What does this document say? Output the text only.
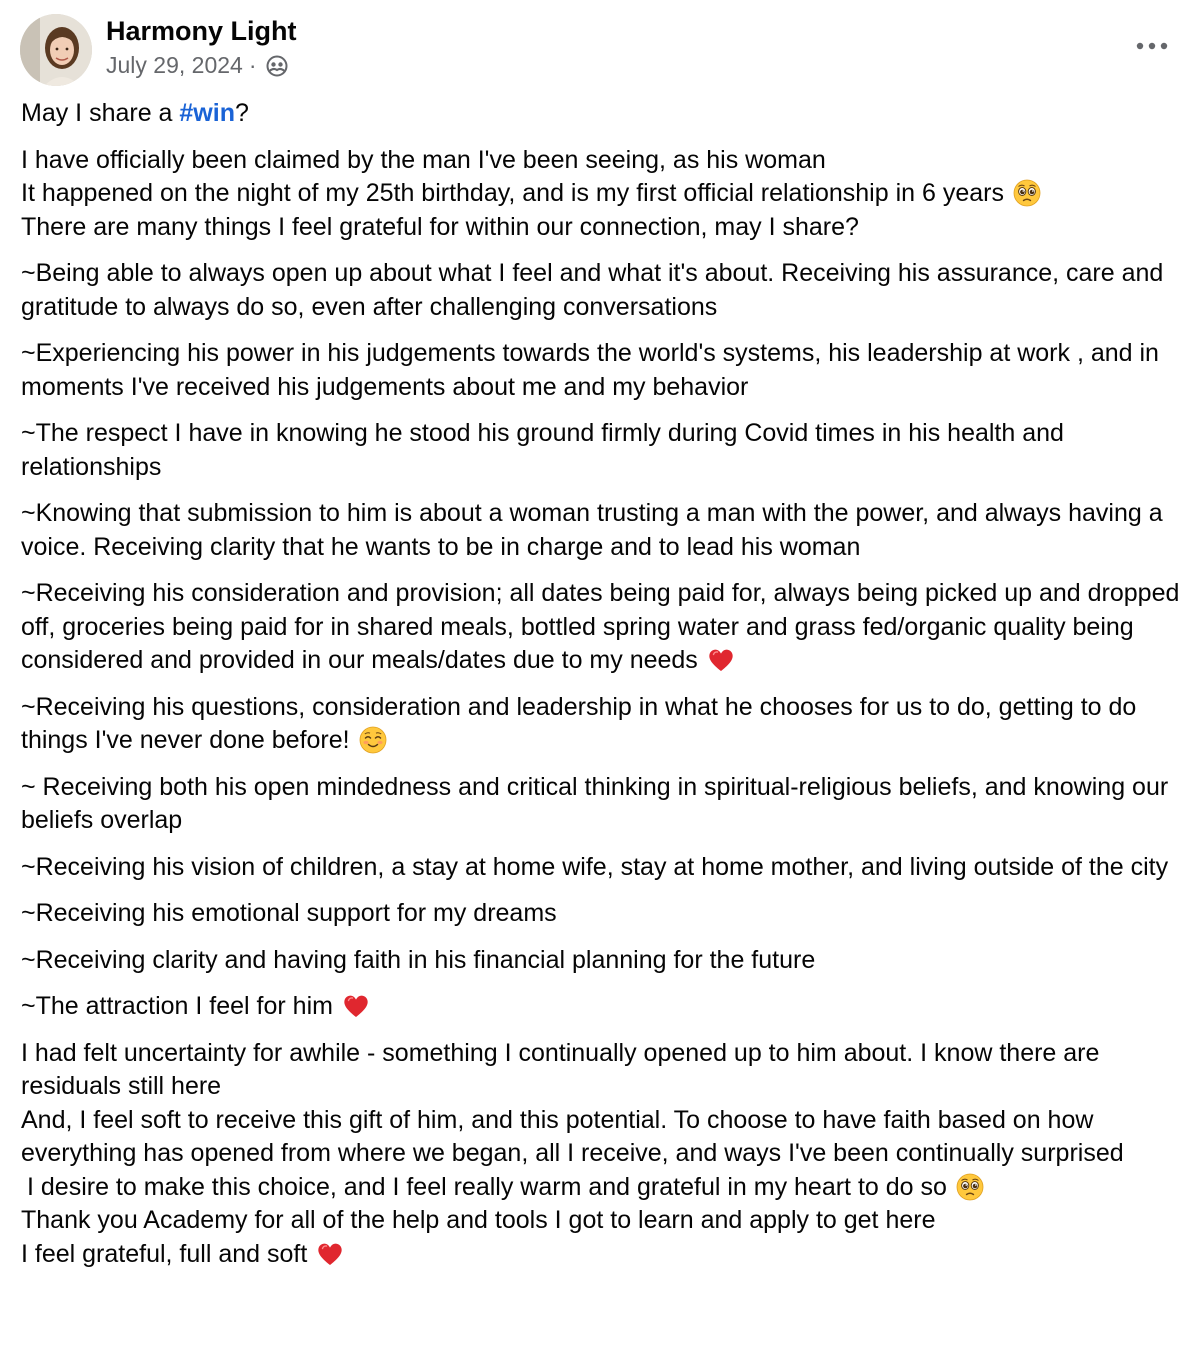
Harmony Light
July 29, 2024 ·

May I share a #win?

I have officially been claimed by the man I've been seeing, as his woman
It happened on the night of my 25th birthday, and is my first official relationship in 6 years
There are many things I feel grateful for within our connection, may I share?

~Being able to always open up about what I feel and what it's about. Receiving his assurance, care and gratitude to always do so, even after challenging conversations

~Experiencing his power in his judgements towards the world's systems, his leadership at work , and in moments I've received his judgements about me and my behavior

~The respect I have in knowing he stood his ground firmly during Covid times in his health and relationships

~Knowing that submission to him is about a woman trusting a man with the power, and always having a voice. Receiving clarity that he wants to be in charge and to lead his woman

~Receiving his consideration and provision; all dates being paid for, always being picked up and dropped off, groceries being paid for in shared meals, bottled spring water and grass fed/organic quality being considered and provided in our meals/dates due to my needs

~Receiving his questions, consideration and leadership in what he chooses for us to do, getting to do things I've never done before!

~ Receiving both his open mindedness and critical thinking in spiritual-religious beliefs, and knowing our beliefs overlap

~Receiving his vision of children, a stay at home wife, stay at home mother, and living outside of the city

~Receiving his emotional support for my dreams

~Receiving clarity and having faith in his financial planning for the future

~The attraction I feel for him

I had felt uncertainty for awhile - something I continually opened up to him about. I know there are residuals still here
And, I feel soft to receive this gift of him, and this potential. To choose to have faith based on how everything has opened from where we began, all I receive, and ways I've been continually surprised
I desire to make this choice, and I feel really warm and grateful in my heart to do so
Thank you Academy for all of the help and tools I got to learn and apply to get here
I feel grateful, full and soft
